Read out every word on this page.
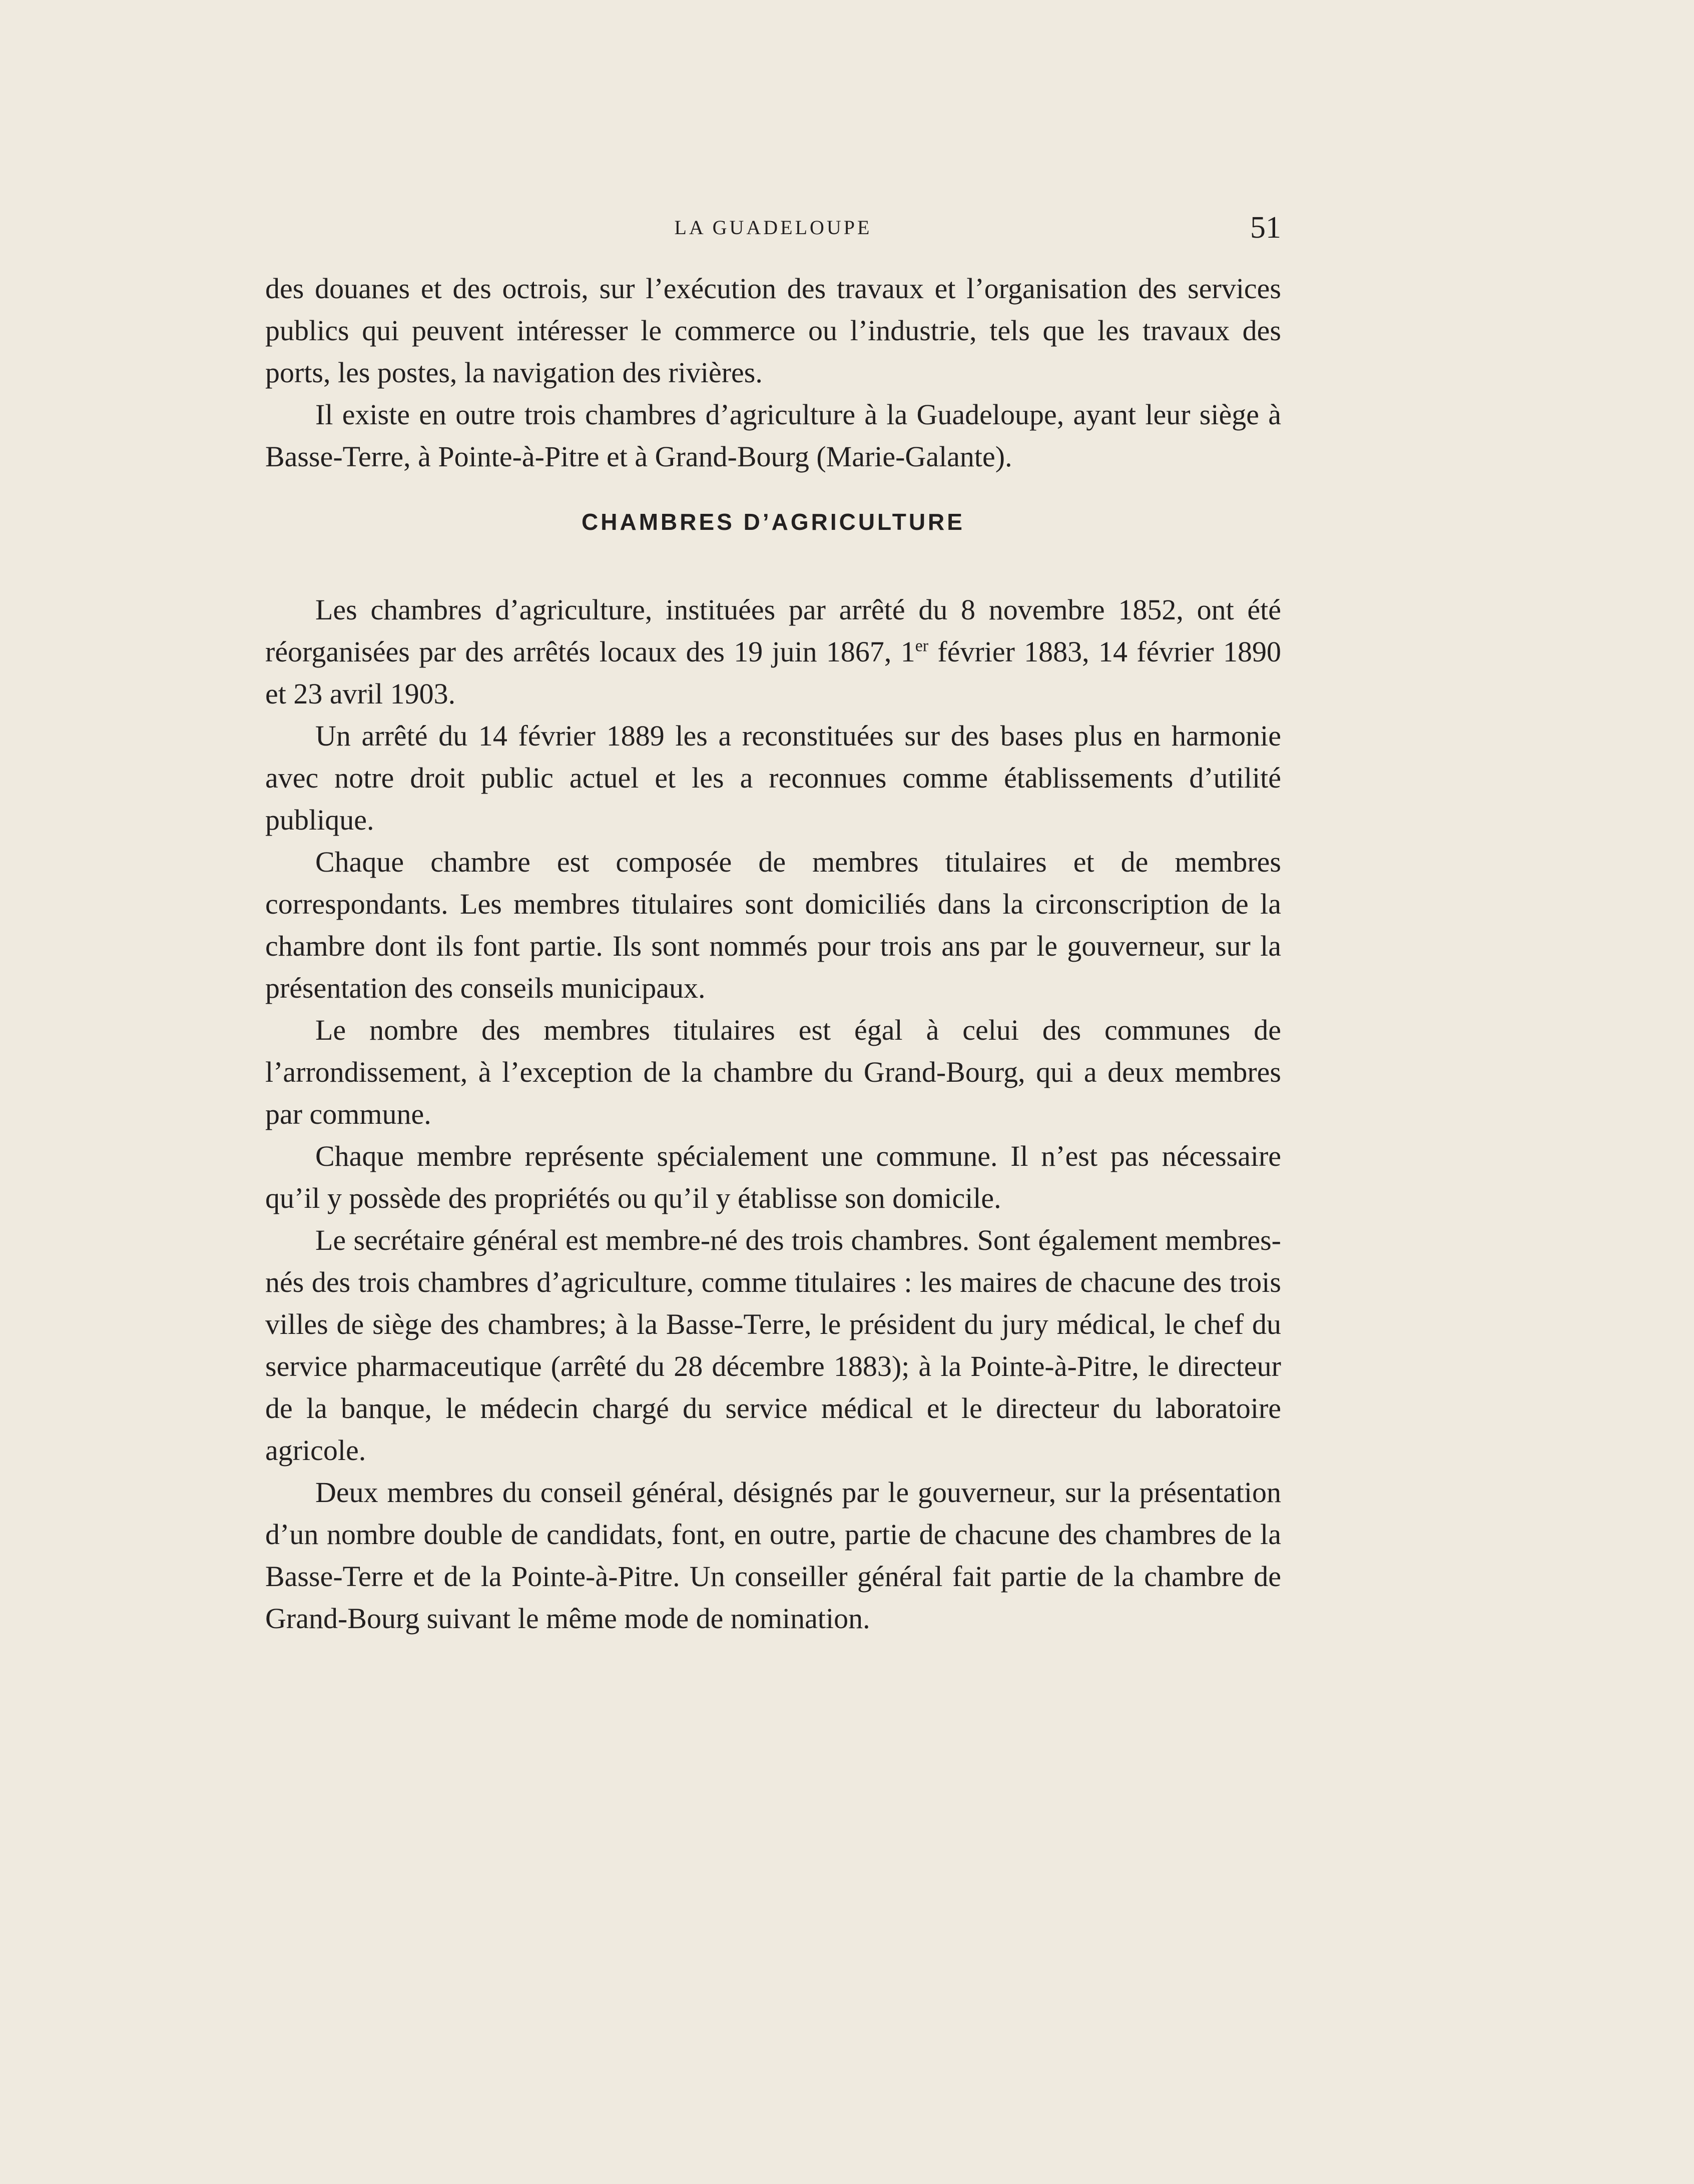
LA GUADELOUPE	51

des douanes et des octrois, sur l’exécution des travaux et l’organisation des services publics qui peuvent intéresser le commerce ou l’industrie, tels que les travaux des ports, les postes, la navigation des rivières.

Il existe en outre trois chambres d’agriculture à la Guadeloupe, ayant leur siège à Basse-Terre, à Pointe-à-Pitre et à Grand-Bourg (Marie-Galante).

CHAMBRES D’AGRICULTURE

Les chambres d’agriculture, instituées par arrêté du 8 novembre 1852, ont été réorganisées par des arrêtés locaux des 19 juin 1867, 1er février 1883, 14 février 1890 et 23 avril 1903.

Un arrêté du 14 février 1889 les a reconstituées sur des bases plus en harmonie avec notre droit public actuel et les a reconnues comme établissements d’utilité publique.

Chaque chambre est composée de membres titulaires et de membres correspondants. Les membres titulaires sont domiciliés dans la circonscription de la chambre dont ils font partie. Ils sont nommés pour trois ans par le gouverneur, sur la présentation des conseils municipaux.

Le nombre des membres titulaires est égal à celui des communes de l’arrondissement, à l’exception de la chambre du Grand-Bourg, qui a deux membres par commune.

Chaque membre représente spécialement une commune. Il n’est pas nécessaire qu’il y possède des propriétés ou qu’il y établisse son domicile.

Le secrétaire général est membre-né des trois chambres. Sont également membres-nés des trois chambres d’agriculture, comme titulaires : les maires de chacune des trois villes de siège des chambres; à la Basse-Terre, le président du jury médical, le chef du service pharmaceutique (arrêté du 28 décembre 1883); à la Pointe-à-Pitre, le directeur de la banque, le médecin chargé du service médical et le directeur du laboratoire agricole.

Deux membres du conseil général, désignés par le gouverneur, sur la présentation d’un nombre double de candidats, font, en outre, partie de chacune des chambres de la Basse-Terre et de la Pointe-à-Pitre. Un conseiller général fait partie de la chambre de Grand-Bourg suivant le même mode de nomination.
